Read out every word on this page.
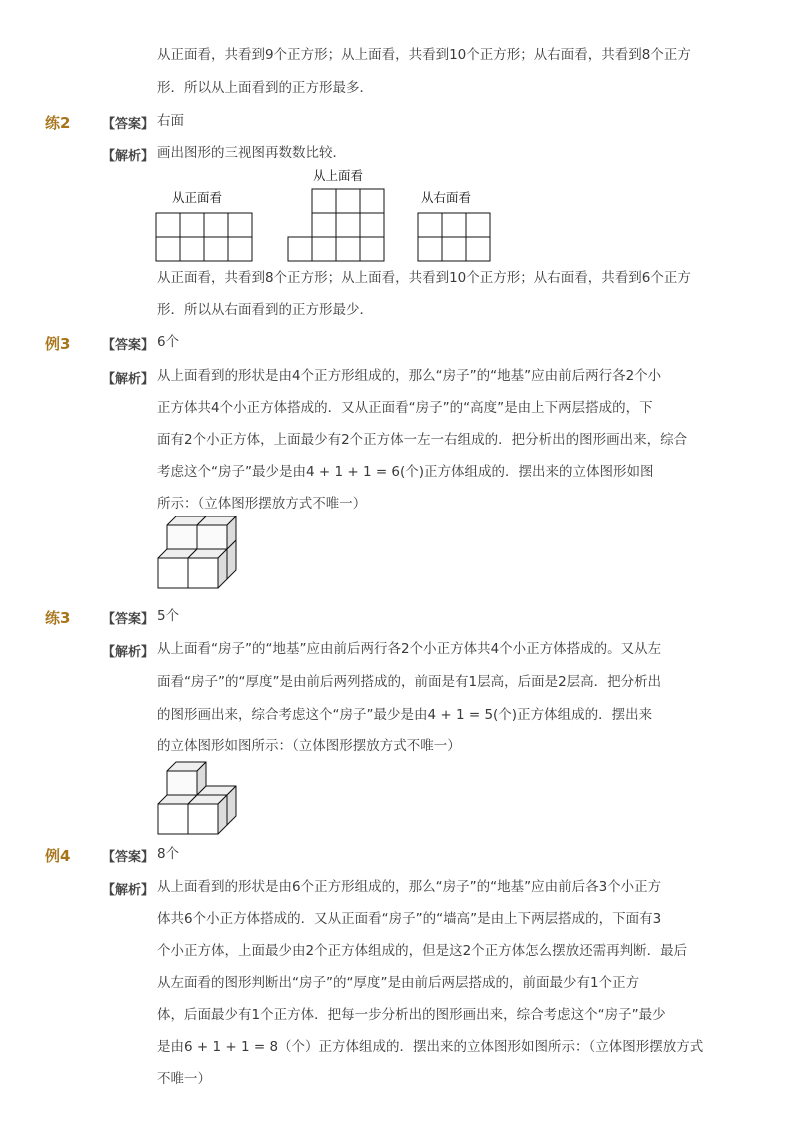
从正面看，共看到9个正方形；从上面看，共看到10个正方形；从右面看，共看到8个正方
形．所以从上面看到的正方形最多．
练2 【答案】 右面
【解析】 画出图形的三视图再数数比较．
从正面看
从上面看
从右面看
从正面看，共看到8个正方形；从上面看，共看到10个正方形；从右面看，共看到6个正方
形．所以从右面看到的正方形最少．
例3 【答案】 6个
【解析】 从上面看到的形状是由4个正方形组成的，那么“房子”的“地基”应由前后两行各2个小
正方体共4个小正方体搭成的．又从正面看“房子”的“高度”是由上下两层搭成的，下
面有2个小正方体，上面最少有2个正方体一左一右组成的．把分析出的图形画出来，综合
考虑这个“房子”最少是由4 + 1 + 1 = 6(个)正方体组成的．摆出来的立体图形如图
所示：（立体图形摆放方式不唯一）
练3 【答案】 5个
【解析】 从上面看“房子”的“地基”应由前后两行各2个小正方体共4个小正方体搭成的。又从左
面看“房子”的“厚度”是由前后两列搭成的，前面是有1层高，后面是2层高．把分析出
的图形画出来，综合考虑这个“房子”最少是由4 + 1 = 5(个)正方体组成的．摆出来
的立体图形如图所示：（立体图形摆放方式不唯一）
例4 【答案】 8个
【解析】 从上面看到的形状是由6个正方形组成的，那么“房子”的“地基”应由前后各3个小正方
体共6个小正方体搭成的．又从正面看“房子”的“墙高”是由上下两层搭成的，下面有3
个小正方体，上面最少由2个正方体组成的，但是这2个正方体怎么摆放还需再判断．最后
从左面看的图形判断出“房子”的“厚度”是由前后两层搭成的，前面最少有1个正方
体，后面最少有1个正方体．把每一步分析出的图形画出来，综合考虑这个“房子”最少
是由6 + 1 + 1 = 8（个）正方体组成的．摆出来的立体图形如图所示：（立体图形摆放方式
不唯一）
